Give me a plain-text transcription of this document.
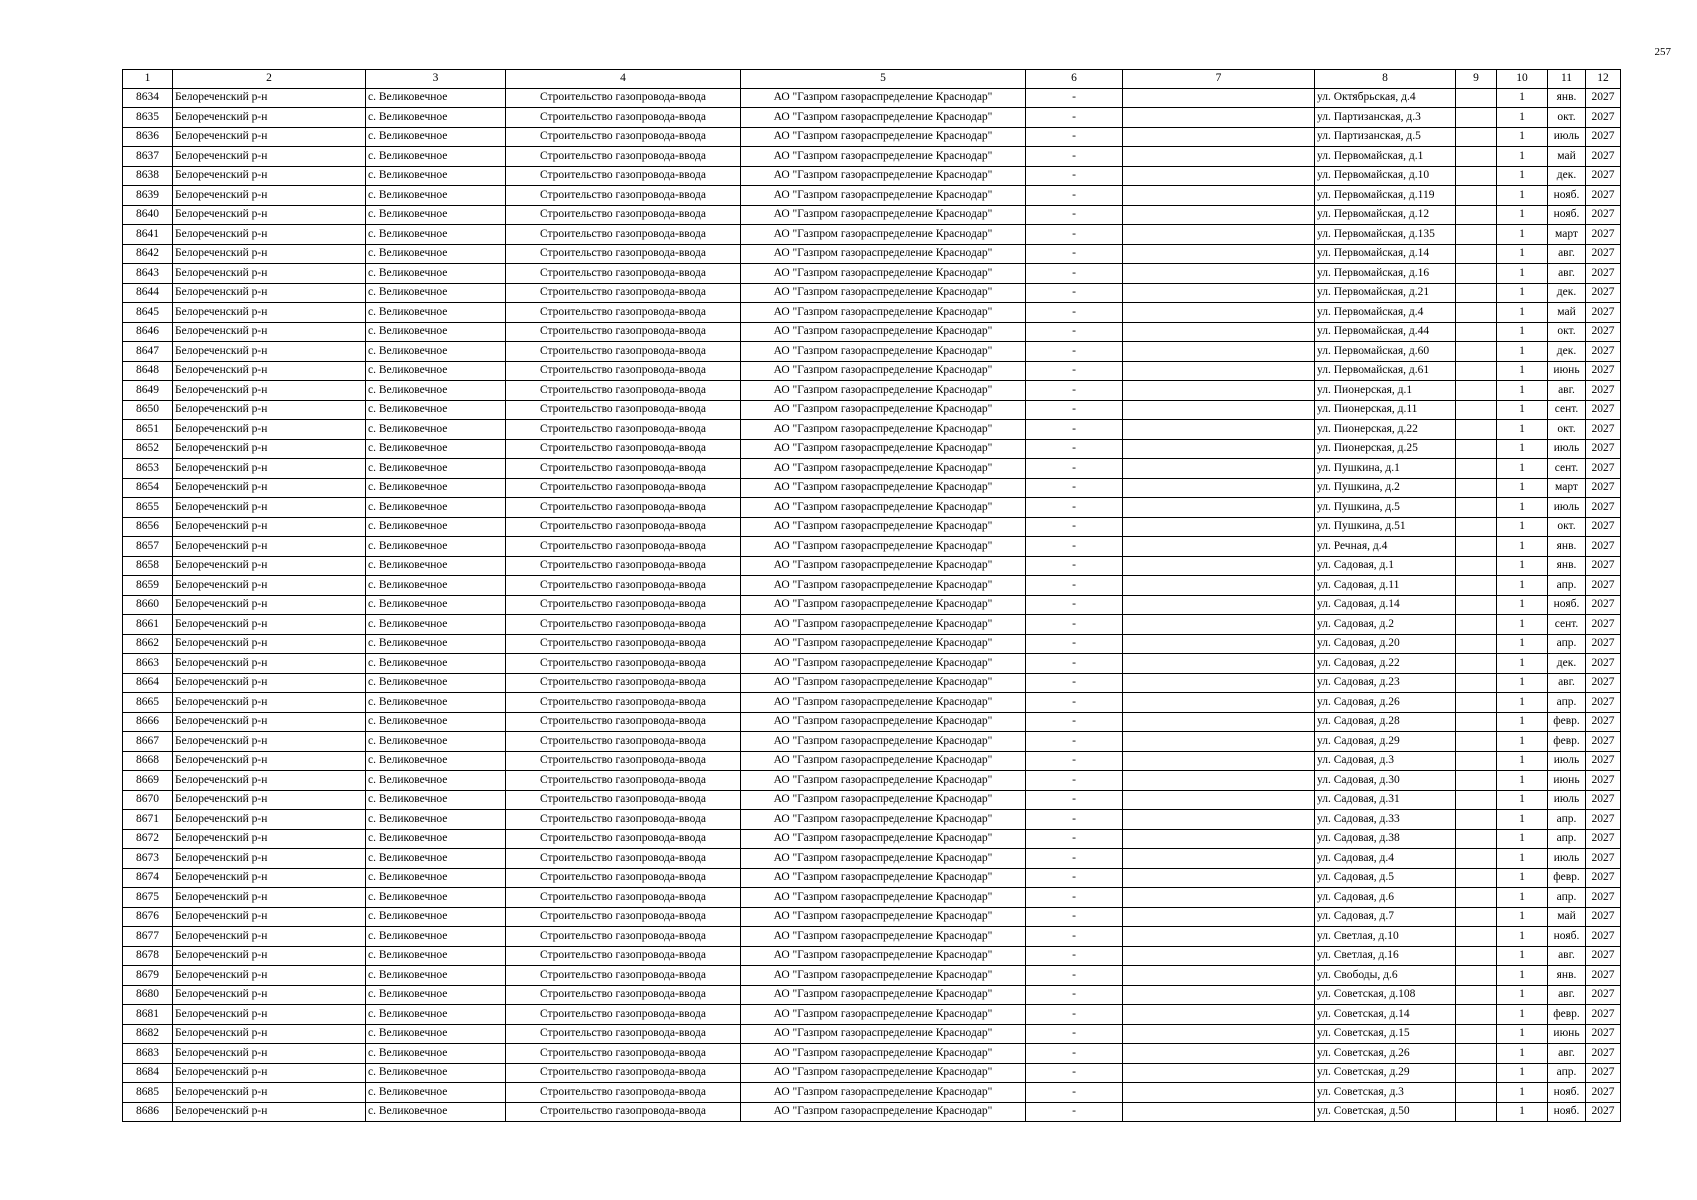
257
1	2	3	4	5	6	7	8	9	10	11	12
8634	Белореченский р-н	с. Великовечное	Строительство газопровода-ввода	АО "Газпром газораспределение Краснодар"	-		ул. Октябрьская, д.4		1	янв.	2027
8635	Белореченский р-н	с. Великовечное	Строительство газопровода-ввода	АО "Газпром газораспределение Краснодар"	-		ул. Партизанская, д.3		1	окт.	2027
8636	Белореченский р-н	с. Великовечное	Строительство газопровода-ввода	АО "Газпром газораспределение Краснодар"	-		ул. Партизанская, д.5		1	июль	2027
8637	Белореченский р-н	с. Великовечное	Строительство газопровода-ввода	АО "Газпром газораспределение Краснодар"	-		ул. Первомайская, д.1		1	май	2027
8638	Белореченский р-н	с. Великовечное	Строительство газопровода-ввода	АО "Газпром газораспределение Краснодар"	-		ул. Первомайская, д.10		1	дек.	2027
8639	Белореченский р-н	с. Великовечное	Строительство газопровода-ввода	АО "Газпром газораспределение Краснодар"	-		ул. Первомайская, д.119		1	нояб.	2027
8640	Белореченский р-н	с. Великовечное	Строительство газопровода-ввода	АО "Газпром газораспределение Краснодар"	-		ул. Первомайская, д.12		1	нояб.	2027
8641	Белореченский р-н	с. Великовечное	Строительство газопровода-ввода	АО "Газпром газораспределение Краснодар"	-		ул. Первомайская, д.135		1	март	2027
8642	Белореченский р-н	с. Великовечное	Строительство газопровода-ввода	АО "Газпром газораспределение Краснодар"	-		ул. Первомайская, д.14		1	авг.	2027
8643	Белореченский р-н	с. Великовечное	Строительство газопровода-ввода	АО "Газпром газораспределение Краснодар"	-		ул. Первомайская, д.16		1	авг.	2027
8644	Белореченский р-н	с. Великовечное	Строительство газопровода-ввода	АО "Газпром газораспределение Краснодар"	-		ул. Первомайская, д.21		1	дек.	2027
8645	Белореченский р-н	с. Великовечное	Строительство газопровода-ввода	АО "Газпром газораспределение Краснодар"	-		ул. Первомайская, д.4		1	май	2027
8646	Белореченский р-н	с. Великовечное	Строительство газопровода-ввода	АО "Газпром газораспределение Краснодар"	-		ул. Первомайская, д.44		1	окт.	2027
8647	Белореченский р-н	с. Великовечное	Строительство газопровода-ввода	АО "Газпром газораспределение Краснодар"	-		ул. Первомайская, д.60		1	дек.	2027
8648	Белореченский р-н	с. Великовечное	Строительство газопровода-ввода	АО "Газпром газораспределение Краснодар"	-		ул. Первомайская, д.61		1	июнь	2027
8649	Белореченский р-н	с. Великовечное	Строительство газопровода-ввода	АО "Газпром газораспределение Краснодар"	-		ул. Пионерская, д.1		1	авг.	2027
8650	Белореченский р-н	с. Великовечное	Строительство газопровода-ввода	АО "Газпром газораспределение Краснодар"	-		ул. Пионерская, д.11		1	сент.	2027
8651	Белореченский р-н	с. Великовечное	Строительство газопровода-ввода	АО "Газпром газораспределение Краснодар"	-		ул. Пионерская, д.22		1	окт.	2027
8652	Белореченский р-н	с. Великовечное	Строительство газопровода-ввода	АО "Газпром газораспределение Краснодар"	-		ул. Пионерская, д.25		1	июль	2027
8653	Белореченский р-н	с. Великовечное	Строительство газопровода-ввода	АО "Газпром газораспределение Краснодар"	-		ул. Пушкина, д.1		1	сент.	2027
8654	Белореченский р-н	с. Великовечное	Строительство газопровода-ввода	АО "Газпром газораспределение Краснодар"	-		ул. Пушкина, д.2		1	март	2027
8655	Белореченский р-н	с. Великовечное	Строительство газопровода-ввода	АО "Газпром газораспределение Краснодар"	-		ул. Пушкина, д.5		1	июль	2027
8656	Белореченский р-н	с. Великовечное	Строительство газопровода-ввода	АО "Газпром газораспределение Краснодар"	-		ул. Пушкина, д.51		1	окт.	2027
8657	Белореченский р-н	с. Великовечное	Строительство газопровода-ввода	АО "Газпром газораспределение Краснодар"	-		ул. Речная, д.4		1	янв.	2027
8658	Белореченский р-н	с. Великовечное	Строительство газопровода-ввода	АО "Газпром газораспределение Краснодар"	-		ул. Садовая, д.1		1	янв.	2027
8659	Белореченский р-н	с. Великовечное	Строительство газопровода-ввода	АО "Газпром газораспределение Краснодар"	-		ул. Садовая, д.11		1	апр.	2027
8660	Белореченский р-н	с. Великовечное	Строительство газопровода-ввода	АО "Газпром газораспределение Краснодар"	-		ул. Садовая, д.14		1	нояб.	2027
8661	Белореченский р-н	с. Великовечное	Строительство газопровода-ввода	АО "Газпром газораспределение Краснодар"	-		ул. Садовая, д.2		1	сент.	2027
8662	Белореченский р-н	с. Великовечное	Строительство газопровода-ввода	АО "Газпром газораспределение Краснодар"	-		ул. Садовая, д.20		1	апр.	2027
8663	Белореченский р-н	с. Великовечное	Строительство газопровода-ввода	АО "Газпром газораспределение Краснодар"	-		ул. Садовая, д.22		1	дек.	2027
8664	Белореченский р-н	с. Великовечное	Строительство газопровода-ввода	АО "Газпром газораспределение Краснодар"	-		ул. Садовая, д.23		1	авг.	2027
8665	Белореченский р-н	с. Великовечное	Строительство газопровода-ввода	АО "Газпром газораспределение Краснодар"	-		ул. Садовая, д.26		1	апр.	2027
8666	Белореченский р-н	с. Великовечное	Строительство газопровода-ввода	АО "Газпром газораспределение Краснодар"	-		ул. Садовая, д.28		1	февр.	2027
8667	Белореченский р-н	с. Великовечное	Строительство газопровода-ввода	АО "Газпром газораспределение Краснодар"	-		ул. Садовая, д.29		1	февр.	2027
8668	Белореченский р-н	с. Великовечное	Строительство газопровода-ввода	АО "Газпром газораспределение Краснодар"	-		ул. Садовая, д.3		1	июль	2027
8669	Белореченский р-н	с. Великовечное	Строительство газопровода-ввода	АО "Газпром газораспределение Краснодар"	-		ул. Садовая, д.30		1	июнь	2027
8670	Белореченский р-н	с. Великовечное	Строительство газопровода-ввода	АО "Газпром газораспределение Краснодар"	-		ул. Садовая, д.31		1	июль	2027
8671	Белореченский р-н	с. Великовечное	Строительство газопровода-ввода	АО "Газпром газораспределение Краснодар"	-		ул. Садовая, д.33		1	апр.	2027
8672	Белореченский р-н	с. Великовечное	Строительство газопровода-ввода	АО "Газпром газораспределение Краснодар"	-		ул. Садовая, д.38		1	апр.	2027
8673	Белореченский р-н	с. Великовечное	Строительство газопровода-ввода	АО "Газпром газораспределение Краснодар"	-		ул. Садовая, д.4		1	июль	2027
8674	Белореченский р-н	с. Великовечное	Строительство газопровода-ввода	АО "Газпром газораспределение Краснодар"	-		ул. Садовая, д.5		1	февр.	2027
8675	Белореченский р-н	с. Великовечное	Строительство газопровода-ввода	АО "Газпром газораспределение Краснодар"	-		ул. Садовая, д.6		1	апр.	2027
8676	Белореченский р-н	с. Великовечное	Строительство газопровода-ввода	АО "Газпром газораспределение Краснодар"	-		ул. Садовая, д.7		1	май	2027
8677	Белореченский р-н	с. Великовечное	Строительство газопровода-ввода	АО "Газпром газораспределение Краснодар"	-		ул. Светлая, д.10		1	нояб.	2027
8678	Белореченский р-н	с. Великовечное	Строительство газопровода-ввода	АО "Газпром газораспределение Краснодар"	-		ул. Светлая, д.16		1	авг.	2027
8679	Белореченский р-н	с. Великовечное	Строительство газопровода-ввода	АО "Газпром газораспределение Краснодар"	-		ул. Свободы, д.6		1	янв.	2027
8680	Белореченский р-н	с. Великовечное	Строительство газопровода-ввода	АО "Газпром газораспределение Краснодар"	-		ул. Советская, д.108		1	авг.	2027
8681	Белореченский р-н	с. Великовечное	Строительство газопровода-ввода	АО "Газпром газораспределение Краснодар"	-		ул. Советская, д.14		1	февр.	2027
8682	Белореченский р-н	с. Великовечное	Строительство газопровода-ввода	АО "Газпром газораспределение Краснодар"	-		ул. Советская, д.15		1	июнь	2027
8683	Белореченский р-н	с. Великовечное	Строительство газопровода-ввода	АО "Газпром газораспределение Краснодар"	-		ул. Советская, д.26		1	авг.	2027
8684	Белореченский р-н	с. Великовечное	Строительство газопровода-ввода	АО "Газпром газораспределение Краснодар"	-		ул. Советская, д.29		1	апр.	2027
8685	Белореченский р-н	с. Великовечное	Строительство газопровода-ввода	АО "Газпром газораспределение Краснодар"	-		ул. Советская, д.3		1	нояб.	2027
8686	Белореченский р-н	с. Великовечное	Строительство газопровода-ввода	АО "Газпром газораспределение Краснодар"	-		ул. Советская, д.50		1	нояб.	2027
